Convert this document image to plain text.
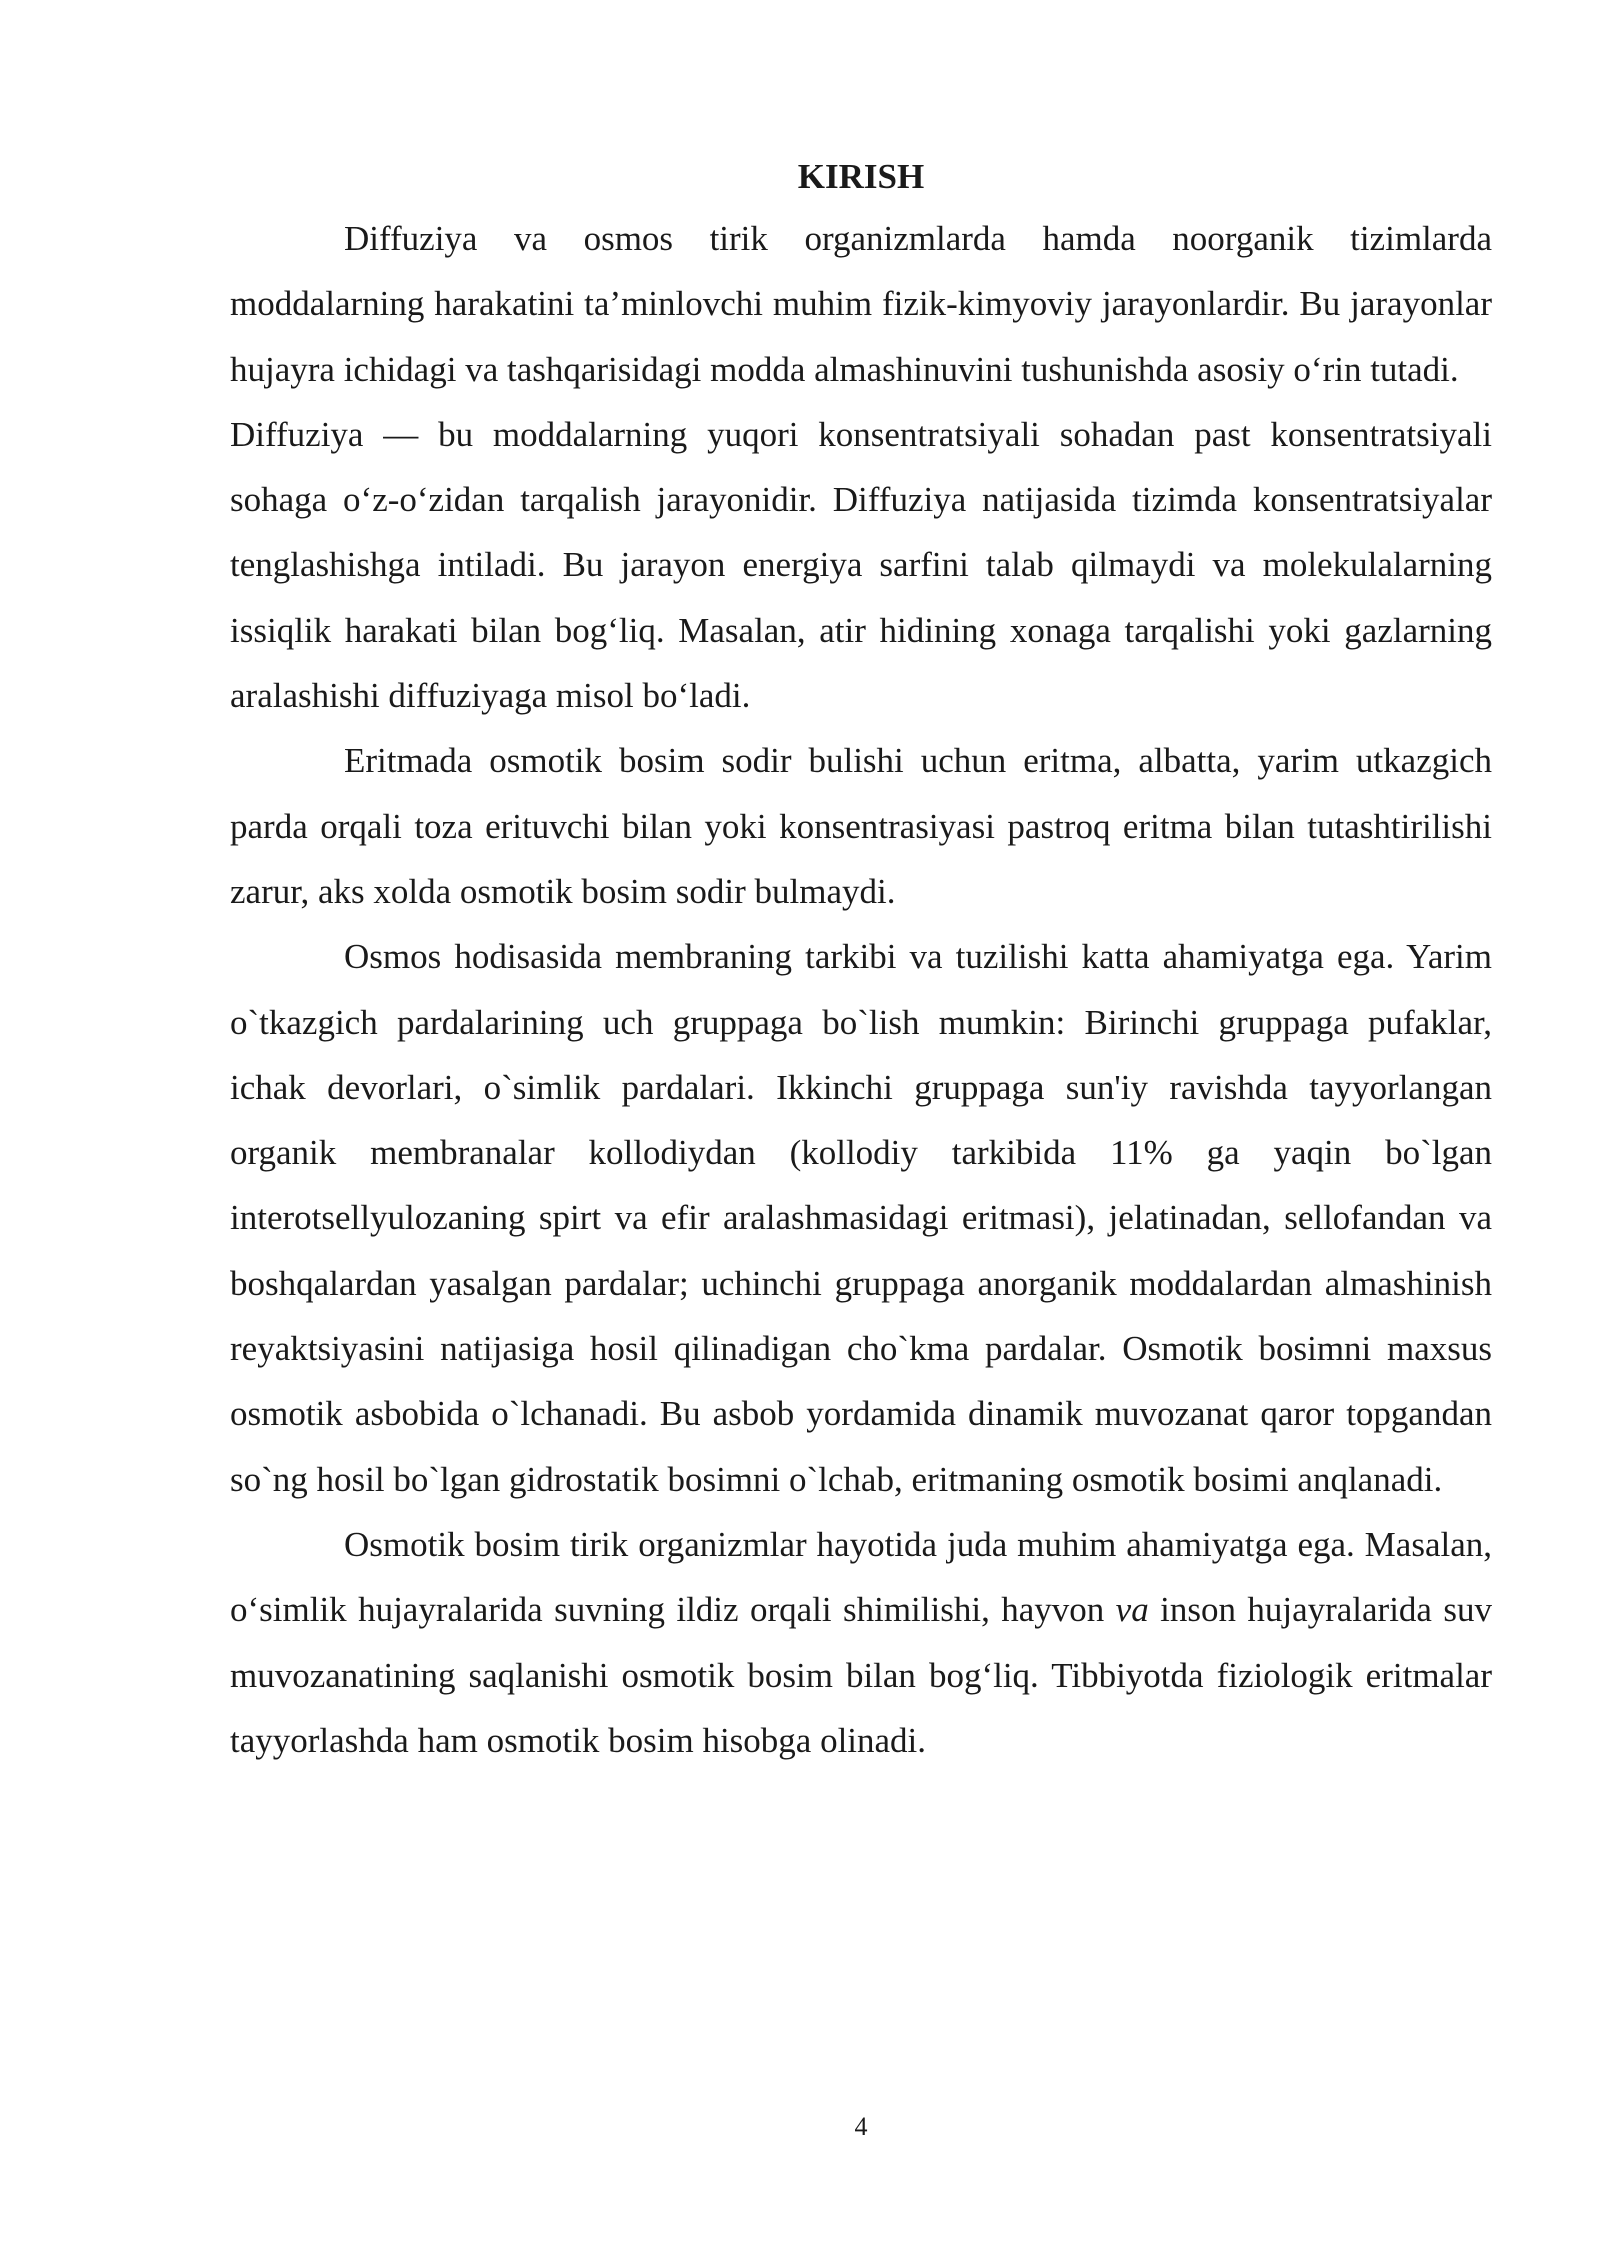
KIRISH

Diffuziya va osmos tirik organizmlarda hamda noorganik tizimlarda moddalarning harakatini ta’minlovchi muhim fizik-kimyoviy jarayonlardir. Bu jarayonlar hujayra ichidagi va tashqarisidagi modda almashinuvini tushunishda asosiy o‘rin tutadi.

Diffuziya — bu moddalarning yuqori konsentratsiyali sohadan past konsentratsiyali sohaga o‘z-o‘zidan tarqalish jarayonidir. Diffuziya natijasida tizimda konsentratsiyalar tenglashishga intiladi. Bu jarayon energiya sarfini talab qilmaydi va molekulalarning issiqlik harakati bilan bog‘liq. Masalan, atir hidining xonaga tarqalishi yoki gazlarning aralashishi diffuziyaga misol bo‘ladi.

Eritmada osmotik bosim sodir bulishi uchun eritma, albatta, yarim utkazgich parda orqali toza erituvchi bilan yoki konsentrasiyasi pastroq eritma bilan tutashtirilishi zarur, aks xolda osmotik bosim sodir bulmaydi.

Osmos hodisasida membraning tarkibi va tuzilishi katta ahamiyatga ega. Yarim o`tkazgich pardalarining uch gruppaga bo`lish mumkin: Birinchi gruppaga pufaklar, ichak devorlari, o`simlik pardalari. Ikkinchi gruppaga sun'iy ravishda tayyorlangan organik membranalar kollodiydan (kollodiy tarkibida 11% ga yaqin bo`lgan interotsellyulozaning spirt va efir aralashmasidagi eritmasi), jelatinadan, sellofandan va boshqalardan yasalgan pardalar; uchinchi gruppaga anorganik moddalardan almashinish reyaktsiyasini natijasiga hosil qilinadigan cho`kma pardalar. Osmotik bosimni maxsus osmotik asbobida o`lchanadi. Bu asbob yordamida dinamik muvozanat qaror topgandan so`ng hosil bo`lgan gidrostatik bosimni o`lchab, eritmaning osmotik bosimi anqlanadi.

Osmotik bosim tirik organizmlar hayotida juda muhim ahamiyatga ega. Masalan, o‘simlik hujayralarida suvning ildiz orqali shimilishi, hayvon va inson hujayralarida suv muvozanatining saqlanishi osmotik bosim bilan bog‘liq. Tibbiyotda fiziologik eritmalar tayyorlashda ham osmotik bosim hisobga olinadi.

4
